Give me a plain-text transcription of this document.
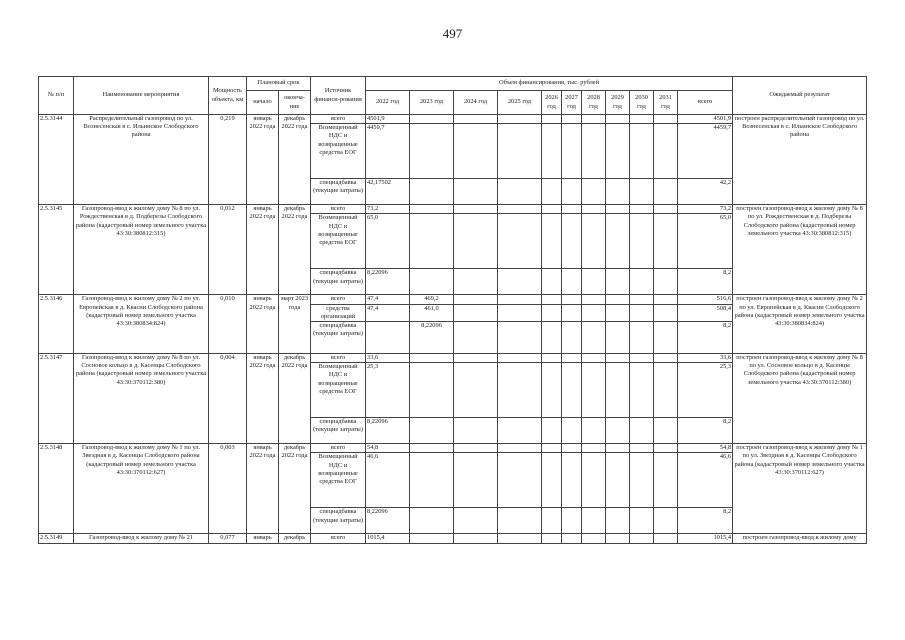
497
№ п/п	Наименование мероприятия	Мощность объекта, км	Плановый срок		Источник финанси-рования	Объем финансирования, тыс. рублей											Ожидаемый результат
			начало	оконча-ние		2022 год	2023 год	2024 год	2025 год	2026 год	2027 год	2028 год	2029 год	2030 год	2031 год	всего	

2.5.3144	Распределительный газопровод по ул. Вознесенская в с. Ильинское Слободского района	0,219	январь 2022 года	декабрь 2022 года	всего	4501,9										4501,9	построен распределительный газопровод по ул. Вознесенская в с. Ильинское Слободского района
					Возмещенный НДС и возвращенные средства ЕОГ	4459,7										4459,7	
					спецнадбавка (текущие затраты)	42,17502										42,2	
2.5.3145	Газопровод-ввод к жилому дому № 8 по ул. Рождественская в д. Подберезы Слободского района (кадастровый номер земельного участка 43:30:380812:315)	0,012	январь 2022 года	декабрь 2022 года	всего	73,2										73,2	построен газопровод-ввод к жилому дому № 8 по ул. Рождественская в д. Подберезы Слободского района (кадастровый номер земельного участка 43:30:380812:315)
					Возмещенный НДС и возвращенные средства ЕОГ	65,0										65,0	
					спецнадбавка (текущие затраты)	8,22096										8,2	
2.5.3146	Газопровод-ввод к жилому дому № 2 по ул. Европейская в д. Квасни Слободского района (кадастровый номер земельного участка 43:30:380834:824)	0,010	январь 2022 года	март 2023 года	всего	47,4	469,2									516,6	построен газопровод-ввод к жилому дому № 2 по ул. Европейская в д. Квасни Слободского района (кадастровый номер земельного участка 43:30:380834:824)
					средства организаций	47,4	461,0									508,4	
					спецнадбавка (текущие затраты)		8,22096									8,2	
2.5.3147	Газопровод-ввод к жилому дому № 8 по ул. Сосновое кольцо в д. Касенцы Слободского района (кадастровый номер земельного участка 43:30:370112:380)	0,004	январь 2022 года	декабрь 2022 года	всего	33,6										33,6	построен газопровод-ввод к жилому дому № 8 по ул. Сосновое кольцо в д. Касенцы Слободского района (кадастровый номер земельного участка 43:30:370112:380)
					Возмещенный НДС и возвращенные средства ЕОГ	25,3										25,3	
					спецнадбавка (текущие затраты)	8,22096										8,2	
2.5.3148	Газопровод-ввод к жилому дому № 1 по ул. Звездная в д. Касенцы Слободского района (кадастровый номер земельного участка 43:30:370112:627)	0,003	январь 2022 года	декабрь 2022 года	всего	54,8										54,8	построен газопровод-ввод к жилому дому № 1 по ул. Звездная в д. Касенцы Слободского района (кадастровый номер земельного участка 43:30:370112:627)
					Возмещенный НДС и возвращенные средства ЕОГ	46,6										46,6	
					спецнадбавка (текущие затраты)	8,22096										8,2	
2.5.3149	Газопровод-ввод к жилому дому № 21	0,077	январь	декабрь	всего	1015,4										1015,4	построен газопровод-ввод к жилому дому
